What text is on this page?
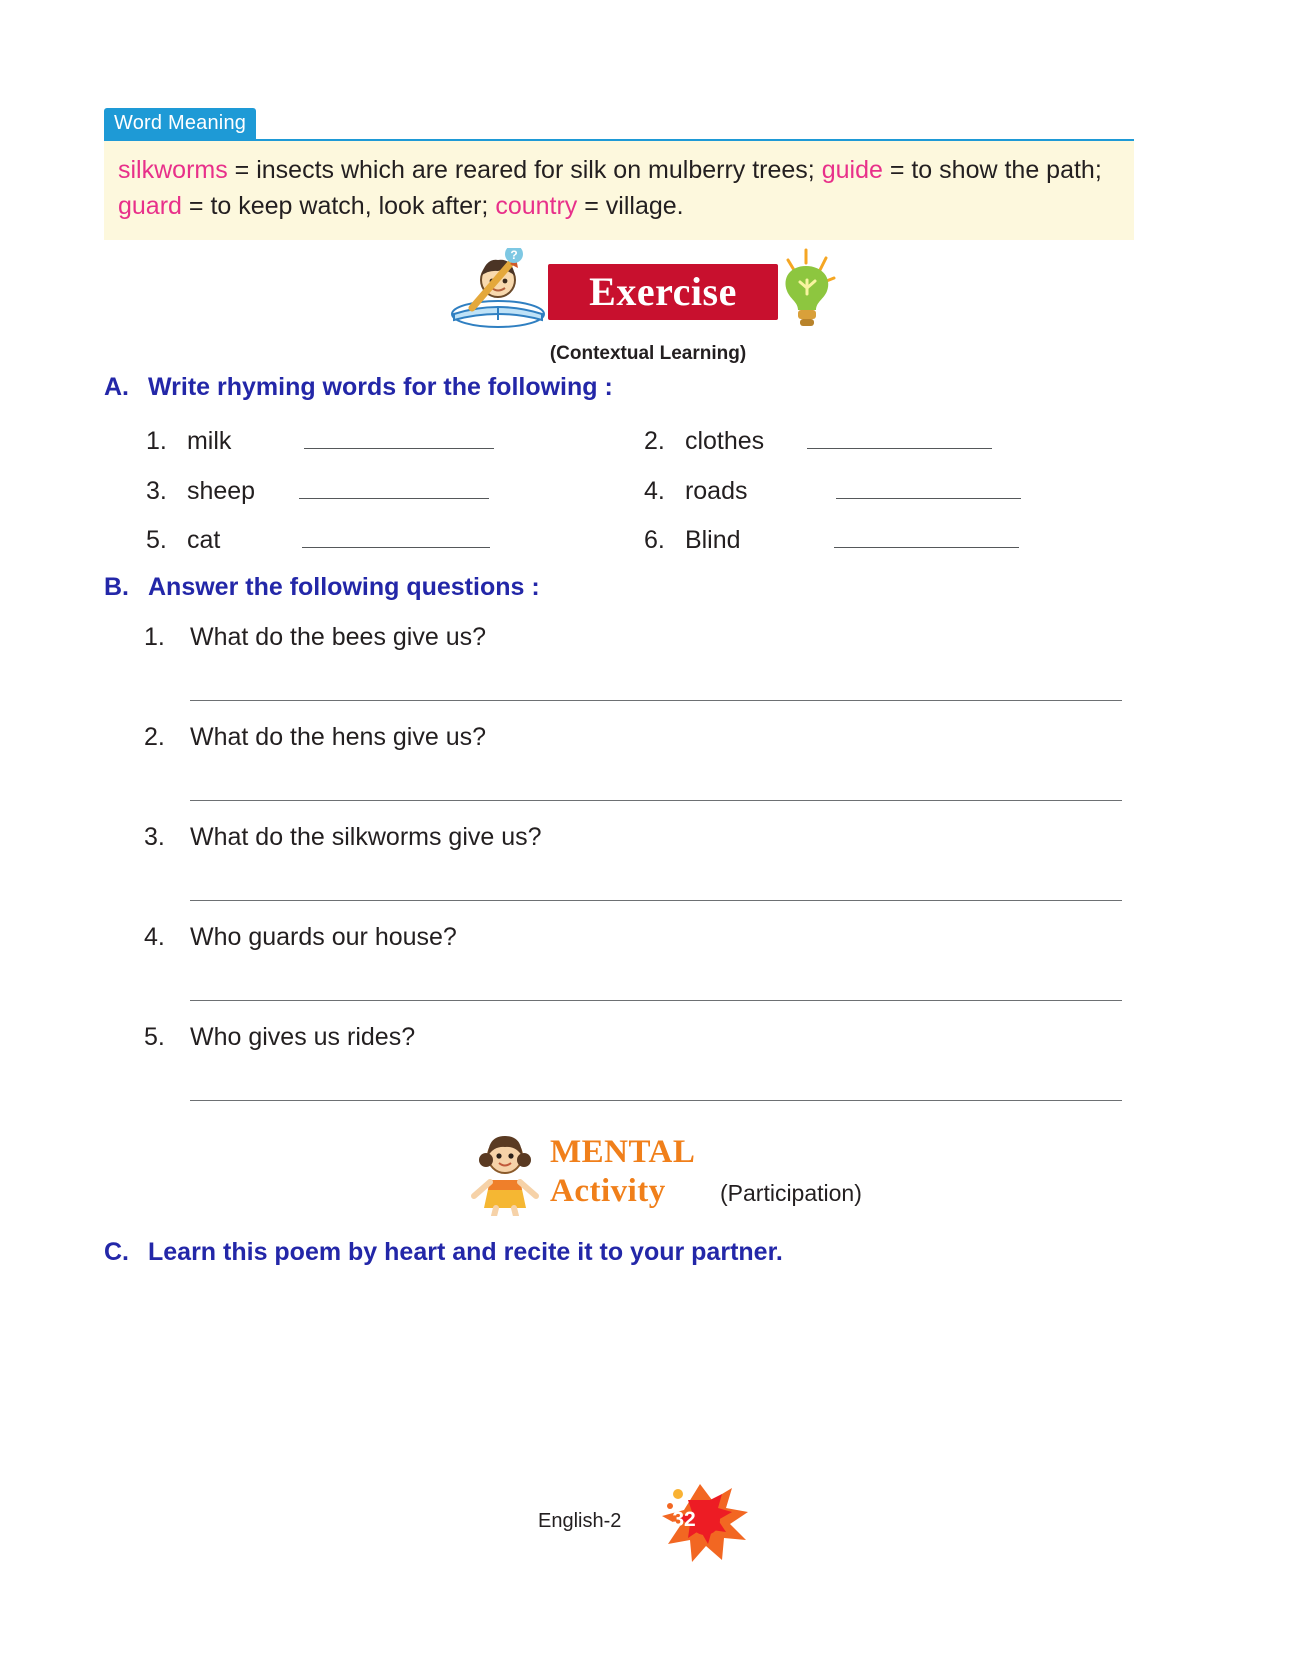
Word Meaning
silkworms = insects which are reared for silk on mulberry trees; guide = to show the path; guard = to keep watch, look after; country = village.
?
Exercise
(Contextual Learning)
A. Write rhyming words for the following :
1. milk	2. clothes
3. sheep	4. roads
5. cat	6. Blind
B. Answer the following questions :
1. What do the bees give us?
2. What do the hens give us?
3. What do the silkworms give us?
4. Who guards our house?
5. Who gives us rides?
MENTAL
Activity (Participation)
C. Learn this poem by heart and recite it to your partner.
English-2	32
